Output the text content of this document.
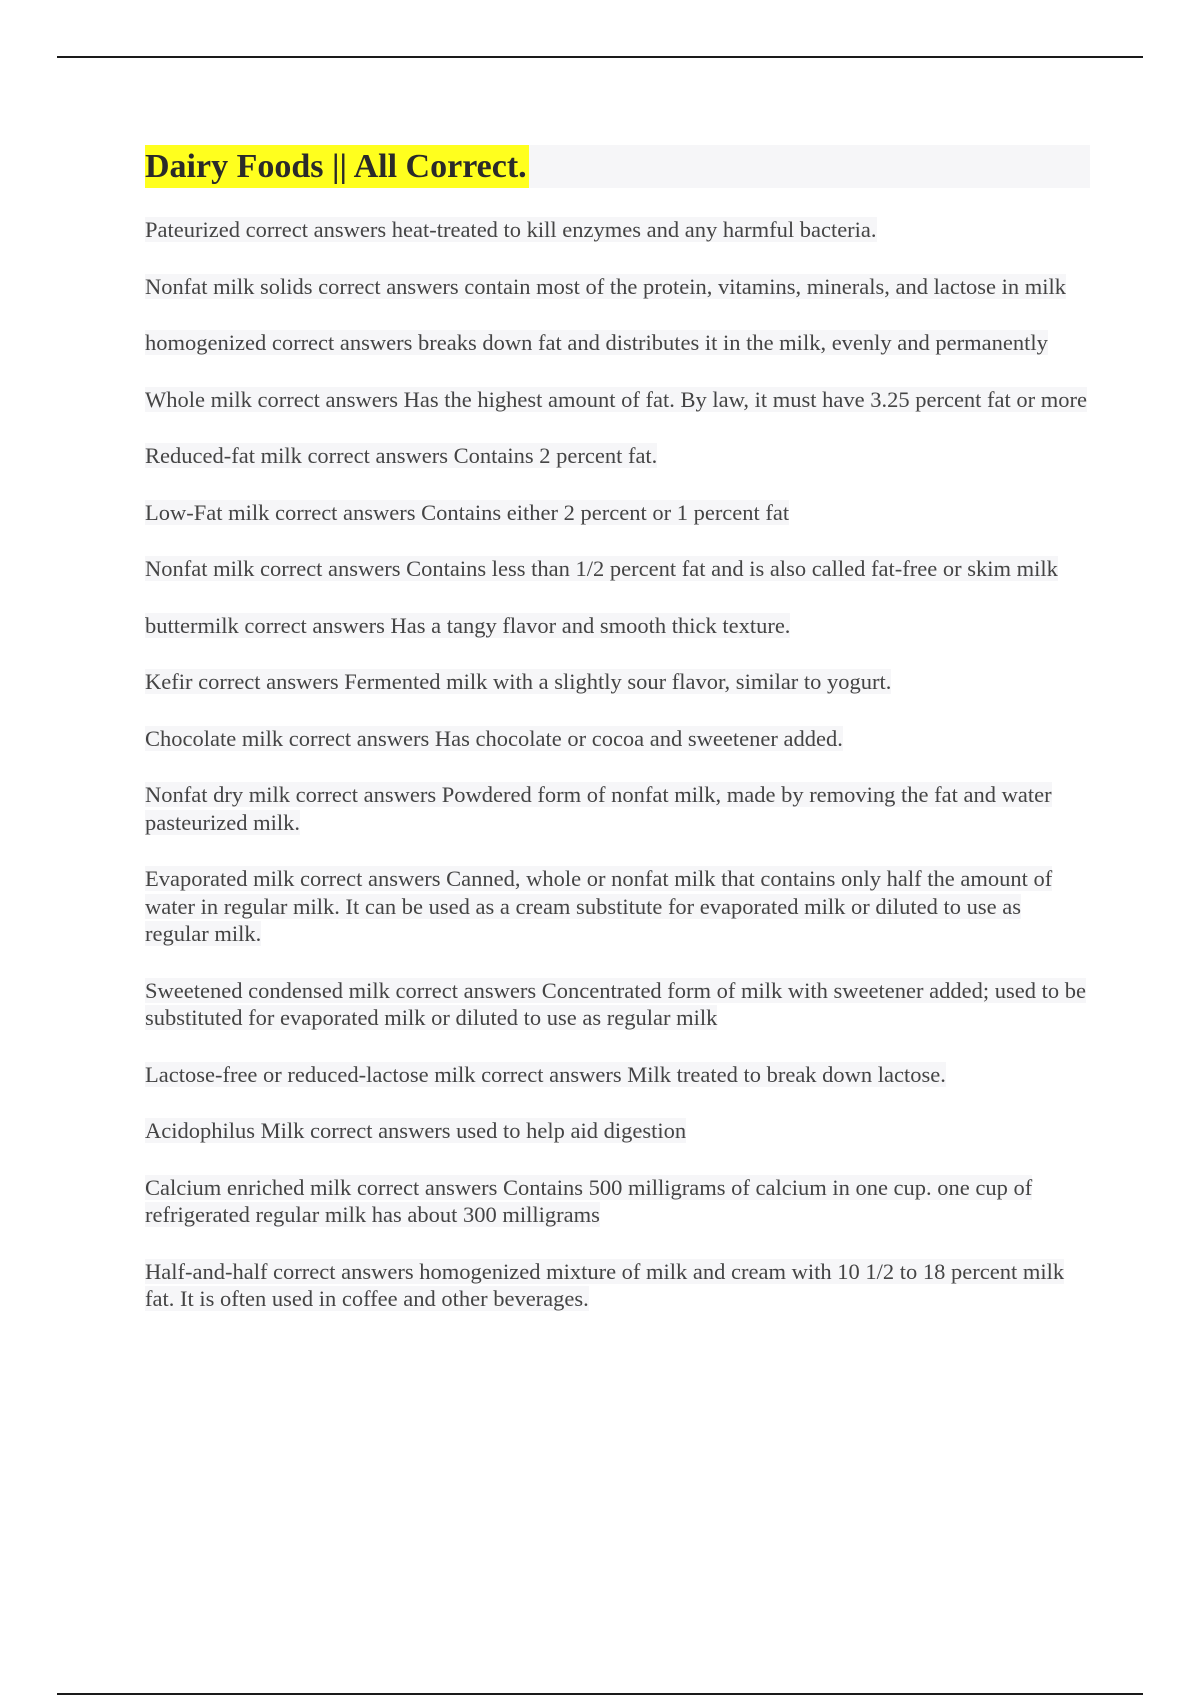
Dairy Foods || All Correct.

Pateurized correct answers heat-treated to kill enzymes and any harmful bacteria.

Nonfat milk solids correct answers contain most of the protein, vitamins, minerals, and lactose in milk

homogenized correct answers breaks down fat and distributes it in the milk, evenly and permanently

Whole milk correct answers Has the highest amount of fat. By law, it must have 3.25 percent fat or more

Reduced-fat milk correct answers Contains 2 percent fat.

Low-Fat milk correct answers Contains either 2 percent or 1 percent fat

Nonfat milk correct answers Contains less than 1/2 percent fat and is also called fat-free or skim milk

buttermilk correct answers Has a tangy flavor and smooth thick texture.

Kefir correct answers Fermented milk with a slightly sour flavor, similar to yogurt.

Chocolate milk correct answers Has chocolate or cocoa and sweetener added.

Nonfat dry milk correct answers Powdered form of nonfat milk, made by removing the fat and water pasteurized milk.

Evaporated milk correct answers Canned, whole or nonfat milk that contains only half the amount of water in regular milk. It can be used as a cream substitute for evaporated milk or diluted to use as regular milk.

Sweetened condensed milk correct answers Concentrated form of milk with sweetener added; used to be substituted for evaporated milk or diluted to use as regular milk

Lactose-free or reduced-lactose milk correct answers Milk treated to break down lactose.

Acidophilus Milk correct answers used to help aid digestion

Calcium enriched milk correct answers Contains 500 milligrams of calcium in one cup. one cup of refrigerated regular milk has about 300 milligrams

Half-and-half correct answers homogenized mixture of milk and cream with 10 1/2 to 18 percent milk fat. It is often used in coffee and other beverages.
